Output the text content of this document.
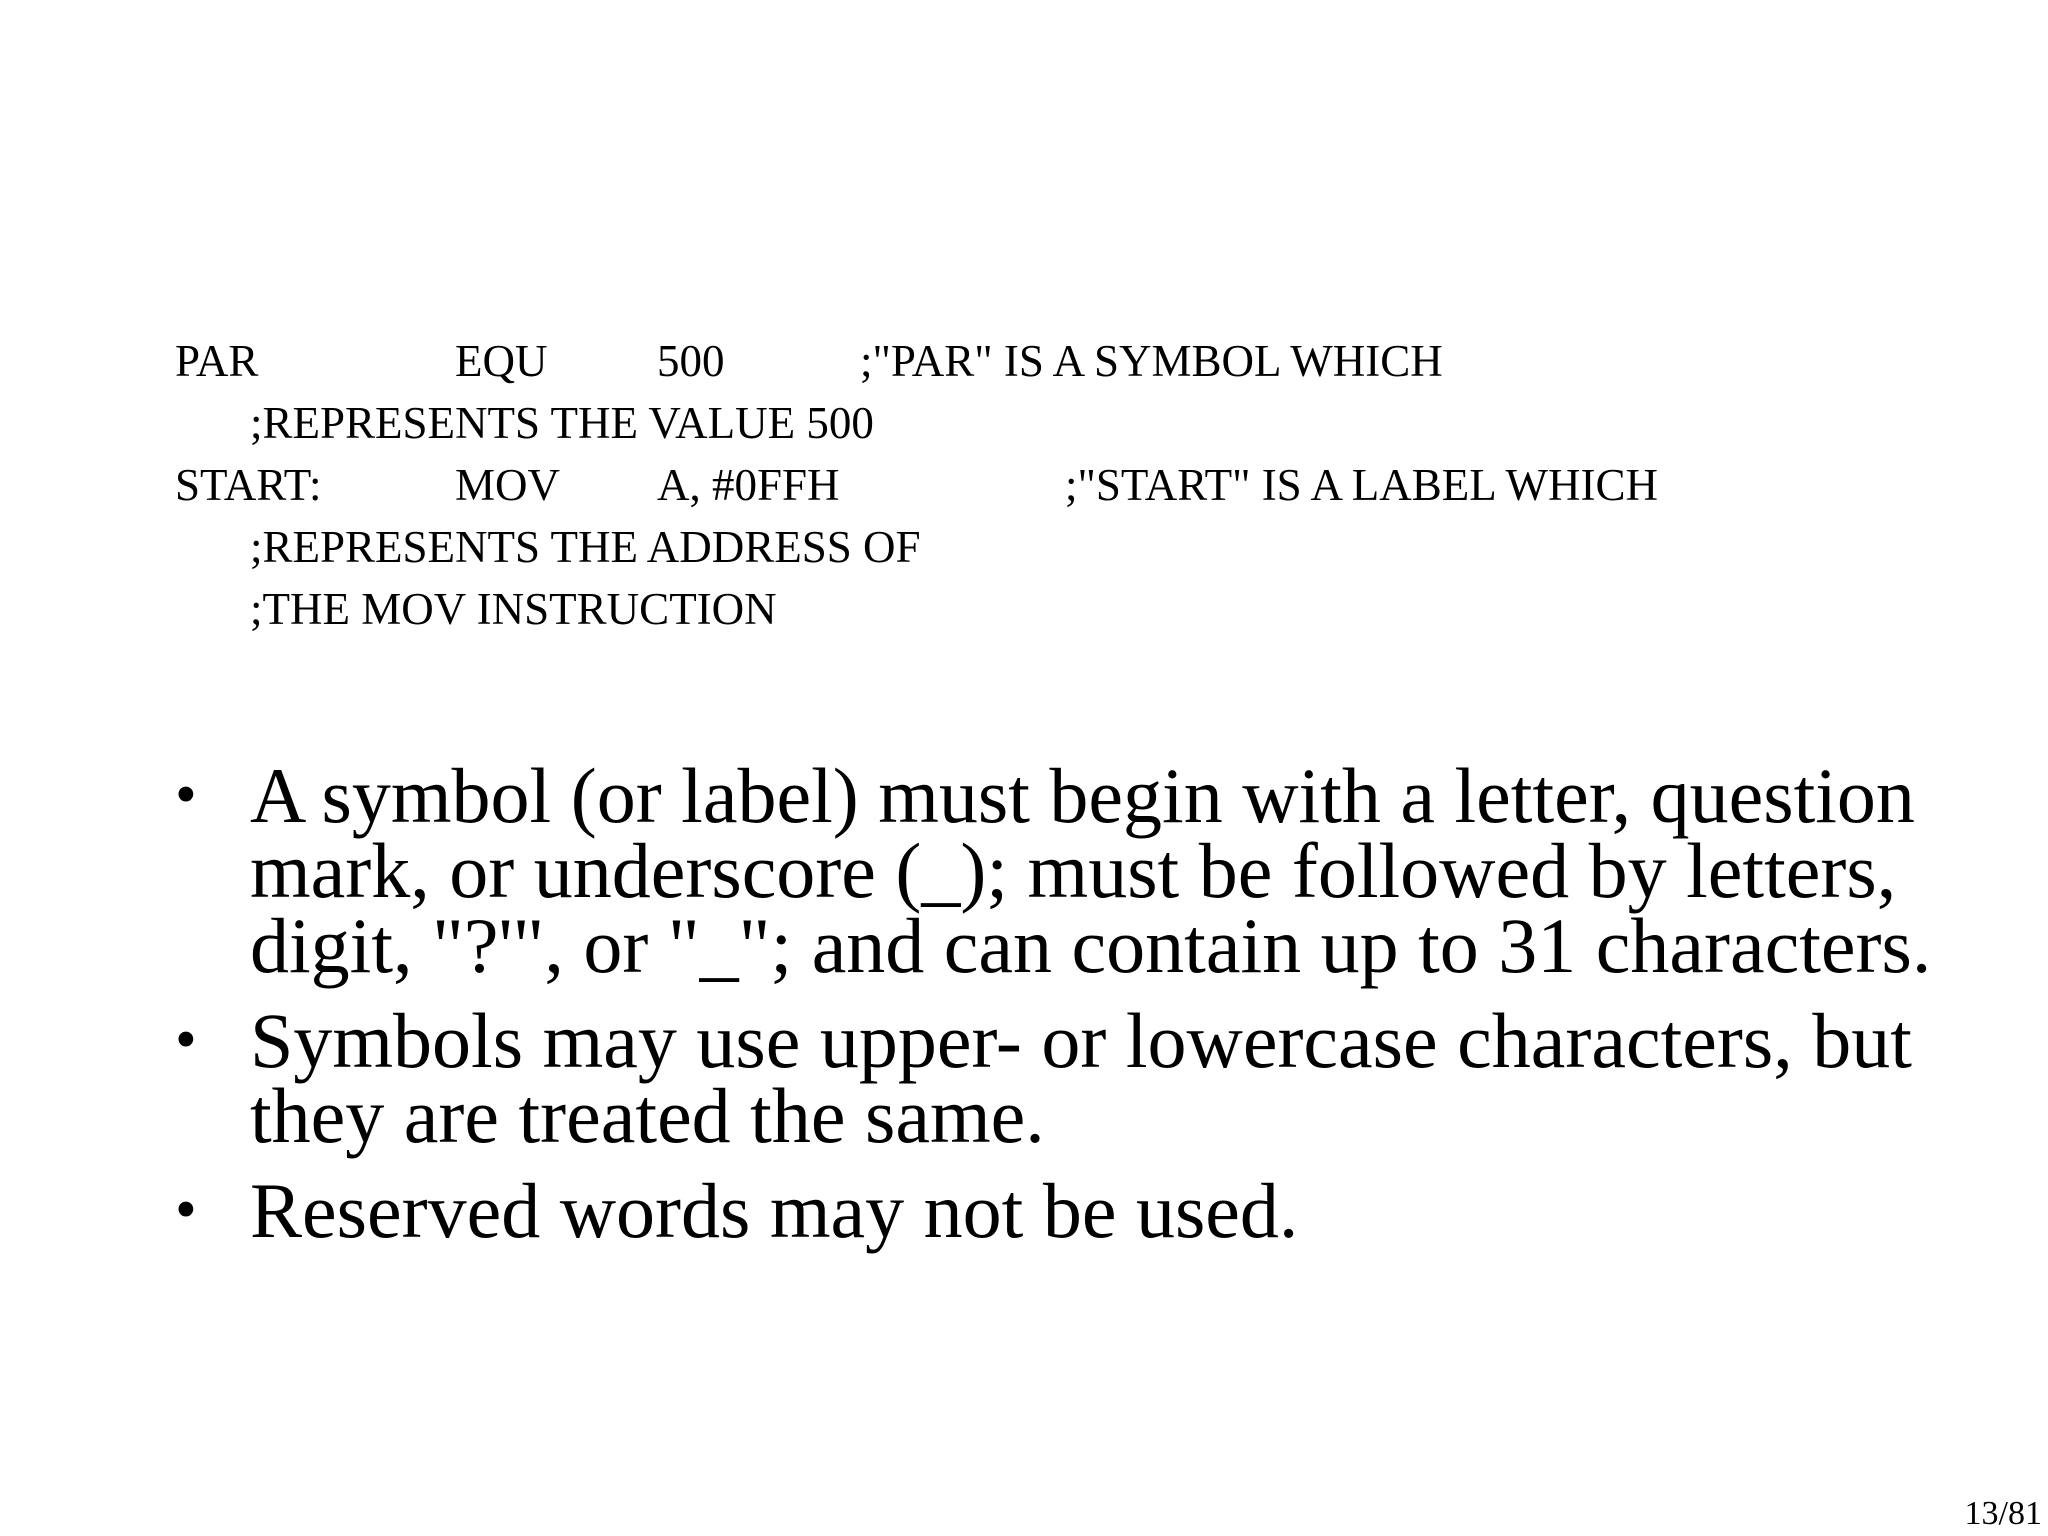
PAR	EQU 500	;"PAR" IS A SYMBOL WHICH
;REPRESENTS THE VALUE 500
START:	MOV A, #0FFH	;"START" IS A LABEL WHICH
;REPRESENTS THE ADDRESS OF
;THE MOV INSTRUCTION
• A symbol (or label) must begin with a letter, question mark, or underscore (_); must be followed by letters, digit, "?'", or "_"; and can contain up to 31 characters.
• Symbols may use upper- or lowercase characters, but they are treated the same.
• Reserved words may not be used.
13/81
